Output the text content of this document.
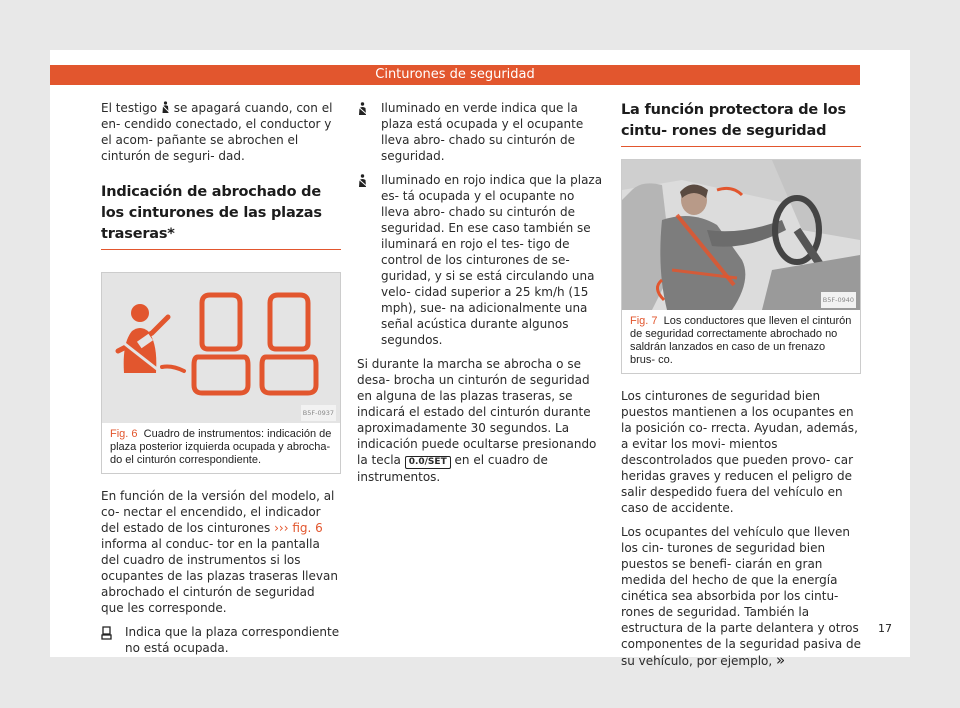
Cinturones de seguridad

El testigo se apagará cuando, con el en- cendido conectado, el conductor y el acom- pañante se abrochen el cinturón de seguri- dad.

Indicación de abrochado de los cinturones de las plazas traseras*
B5F-0937
Fig. 6 Cuadro de instrumentos: indicación de plaza posterior izquierda ocupada y abrocha- do el cinturón correspondiente.

En función de la versión del modelo, al co- nectar el encendido, el indicador del estado de los cinturones ››› fig. 6 informa al conduc- tor en la pantalla del cuadro de instrumentos si los ocupantes de las plazas traseras llevan abrochado el cinturón de seguridad que les corresponde.

Indica que la plaza correspondiente no está ocupada.
Iluminado en verde indica que la plaza está ocupada y el ocupante lleva abro- chado su cinturón de seguridad.
Iluminado en rojo indica que la plaza es- tá ocupada y el ocupante no lleva abro- chado su cinturón de seguridad. En ese caso también se iluminará en rojo el tes- tigo de control de los cinturones de se- guridad, y si se está circulando una velo- cidad superior a 25 km/h (15 mph), sue- na adicionalmente una señal acústica durante algunos segundos.

Si durante la marcha se abrocha o se desa- brocha un cinturón de seguridad en alguna de las plazas traseras, se indicará el estado del cinturón durante aproximadamente 30 segundos. La indicación puede ocultarse presionando la tecla 0.0/SET en el cuadro de instrumentos.

La función protectora de los cintu- rones de seguridad
B5F-0940
Fig. 7 Los conductores que lleven el cinturón de seguridad correctamente abrochado no saldrán lanzados en caso de un frenazo brus- co.

Los cinturones de seguridad bien puestos mantienen a los ocupantes en la posición co- rrecta. Ayudan, además, a evitar los movi- mientos descontrolados que pueden provo- car heridas graves y reducen el peligro de salir despedido fuera del vehículo en caso de accidente.

Los ocupantes del vehículo que lleven los cin- turones de seguridad bien puestos se benefi- ciarán en gran medida del hecho de que la energía cinética sea absorbida por los cintu- rones de seguridad. También la estructura de la parte delantera y otros componentes de la seguridad pasiva de su vehículo, por ejemplo, »

17
